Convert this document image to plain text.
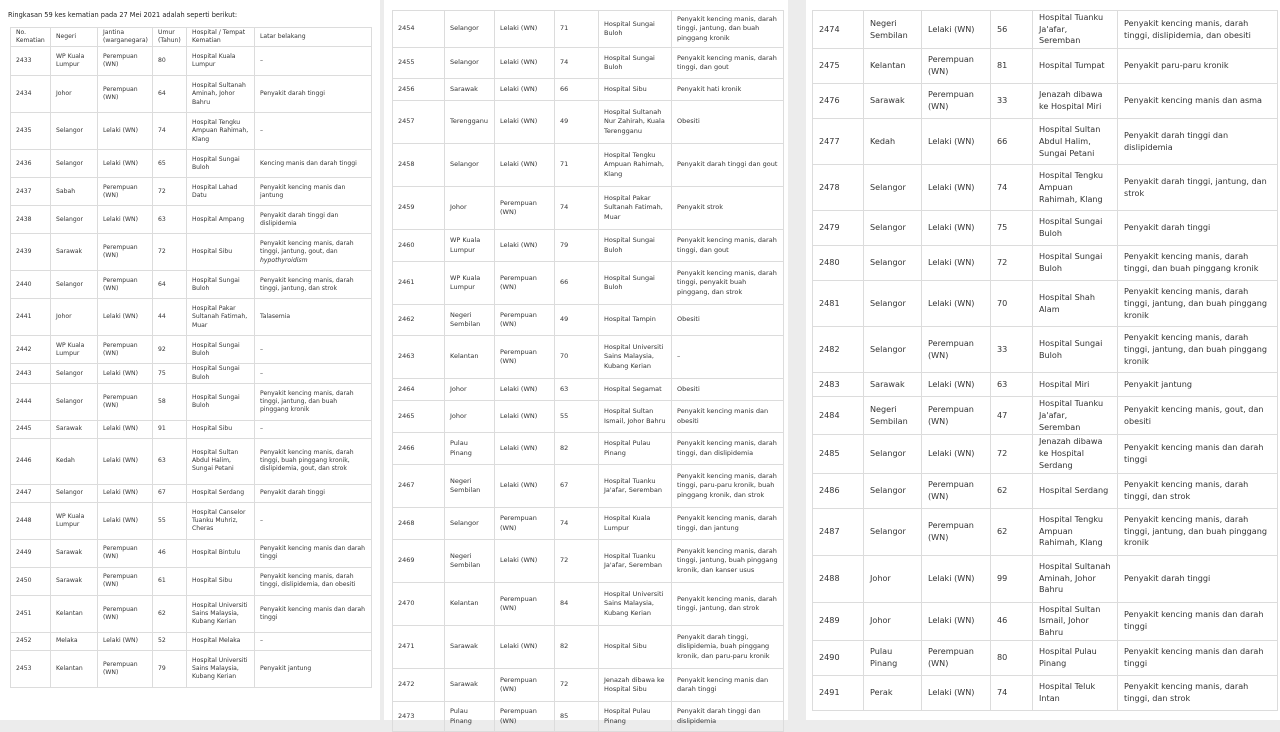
Ringkasan 59 kes kematian pada 27 Mei 2021 adalah seperti berikut:
No. Kematian	Negeri	Jantina (warganegara)	Umur (Tahun)	Hospital / Tempat Kematian	Latar belakang
2433	WP Kuala Lumpur	Perempuan (WN)	80	Hospital Kuala Lumpur	–
2434	Johor	Perempuan (WN)	64	Hospital Sultanah Aminah, Johor Bahru	Penyakit darah tinggi
2435	Selangor	Lelaki (WN)	74	Hospital Tengku Ampuan Rahimah, Klang	–
2436	Selangor	Lelaki (WN)	65	Hospital Sungai Buloh	Kencing manis dan darah tinggi
2437	Sabah	Perempuan (WN)	72	Hospital Lahad Datu	Penyakit kencing manis dan jantung
2438	Selangor	Lelaki (WN)	63	Hospital Ampang	Penyakit darah tinggi dan dislipidemia
2439	Sarawak	Perempuan (WN)	72	Hospital Sibu	Penyakit kencing manis, darah tinggi, jantung, gout, dan hypothyroidism
2440	Selangor	Perempuan (WN)	64	Hospital Sungai Buloh	Penyakit kencing manis, darah tinggi, jantung, dan strok
2441	Johor	Lelaki (WN)	44	Hospital Pakar Sultanah Fatimah, Muar	Talasemia
2442	WP Kuala Lumpur	Perempuan (WN)	92	Hospital Sungai Buloh	–
2443	Selangor	Lelaki (WN)	75	Hospital Sungai Buloh	–
2444	Selangor	Perempuan (WN)	58	Hospital Sungai Buloh	Penyakit kencing manis, darah tinggi, jantung, dan buah pinggang kronik
2445	Sarawak	Lelaki (WN)	91	Hospital Sibu	–
2446	Kedah	Lelaki (WN)	63	Hospital Sultan Abdul Halim, Sungai Petani	Penyakit kencing manis, darah tinggi, buah pinggang kronik, dislipidemia, gout, dan strok
2447	Selangor	Lelaki (WN)	67	Hospital Serdang	Penyakit darah tinggi
2448	WP Kuala Lumpur	Lelaki (WN)	55	Hospital Canselor Tuanku Muhriz, Cheras	–
2449	Sarawak	Perempuan (WN)	46	Hospital Bintulu	Penyakit kencing manis dan darah tinggi
2450	Sarawak	Perempuan (WN)	61	Hospital Sibu	Penyakit kencing manis, darah tinggi, dislipidemia, dan obesiti
2451	Kelantan	Perempuan (WN)	62	Hospital Universiti Sains Malaysia, Kubang Kerian	Penyakit kencing manis dan darah tinggi
2452	Melaka	Lelaki (WN)	52	Hospital Melaka	–
2453	Kelantan	Perempuan (WN)	79	Hospital Universiti Sains Malaysia, Kubang Kerian	Penyakit jantung
2454	Selangor	Lelaki (WN)	71	Hospital Sungai Buloh	Penyakit kencing manis, darah tinggi, jantung, dan buah pinggang kronik
2455	Selangor	Lelaki (WN)	74	Hospital Sungai Buloh	Penyakit kencing manis, darah tinggi, dan gout
2456	Sarawak	Lelaki (WN)	66	Hospital Sibu	Penyakit hati kronik
2457	Terengganu	Lelaki (WN)	49	Hospital Sultanah Nur Zahirah, Kuala Terengganu	Obesiti
2458	Selangor	Lelaki (WN)	71	Hospital Tengku Ampuan Rahimah, Klang	Penyakit darah tinggi dan gout
2459	Johor	Perempuan (WN)	74	Hospital Pakar Sultanah Fatimah, Muar	Penyakit strok
2460	WP Kuala Lumpur	Lelaki (WN)	79	Hospital Sungai Buloh	Penyakit kencing manis, darah tinggi, dan gout
2461	WP Kuala Lumpur	Perempuan (WN)	66	Hospital Sungai Buloh	Penyakit kencing manis, darah tinggi, penyakit buah pinggang, dan strok
2462	Negeri Sembilan	Perempuan (WN)	49	Hospital Tampin	Obesiti
2463	Kelantan	Perempuan (WN)	70	Hospital Universiti Sains Malaysia, Kubang Kerian	–
2464	Johor	Lelaki (WN)	63	Hospital Segamat	Obesiti
2465	Johor	Lelaki (WN)	55	Hospital Sultan Ismail, Johor Bahru	Penyakit kencing manis dan obesiti
2466	Pulau Pinang	Lelaki (WN)	82	Hospital Pulau Pinang	Penyakit kencing manis, darah tinggi, dan dislipidemia
2467	Negeri Sembilan	Lelaki (WN)	67	Hospital Tuanku Ja'afar, Seremban	Penyakit kencing manis, darah tinggi, paru-paru kronik, buah pinggang kronik, dan strok
2468	Selangor	Perempuan (WN)	74	Hospital Kuala Lumpur	Penyakit kencing manis, darah tinggi, dan jantung
2469	Negeri Sembilan	Lelaki (WN)	72	Hospital Tuanku Ja'afar, Seremban	Penyakit kencing manis, darah tinggi, jantung, buah pinggang kronik, dan kanser usus
2470	Kelantan	Perempuan (WN)	84	Hospital Universiti Sains Malaysia, Kubang Kerian	Penyakit kencing manis, darah tinggi, jantung, dan strok
2471	Sarawak	Lelaki (WN)	82	Hospital Sibu	Penyakit darah tinggi, dislipidemia, buah pinggang kronik, dan paru-paru kronik
2472	Sarawak	Perempuan (WN)	72	Jenazah dibawa ke Hospital Sibu	Penyakit kencing manis dan darah tinggi
2473	Pulau Pinang	Perempuan (WN)	85	Hospital Pulau Pinang	Penyakit darah tinggi dan dislipidemia
2474	Negeri Sembilan	Lelaki (WN)	56	Hospital Tuanku Ja'afar, Seremban	Penyakit kencing manis, darah tinggi, dislipidemia, dan obesiti
2475	Kelantan	Perempuan (WN)	81	Hospital Tumpat	Penyakit paru-paru kronik
2476	Sarawak	Perempuan (WN)	33	Jenazah dibawa ke Hospital Miri	Penyakit kencing manis dan asma
2477	Kedah	Lelaki (WN)	66	Hospital Sultan Abdul Halim, Sungai Petani	Penyakit darah tinggi dan dislipidemia
2478	Selangor	Lelaki (WN)	74	Hospital Tengku Ampuan Rahimah, Klang	Penyakit darah tinggi, jantung, dan strok
2479	Selangor	Lelaki (WN)	75	Hospital Sungai Buloh	Penyakit darah tinggi
2480	Selangor	Lelaki (WN)	72	Hospital Sungai Buloh	Penyakit kencing manis, darah tinggi, dan buah pinggang kronik
2481	Selangor	Lelaki (WN)	70	Hospital Shah Alam	Penyakit kencing manis, darah tinggi, jantung, dan buah pinggang kronik
2482	Selangor	Perempuan (WN)	33	Hospital Sungai Buloh	Penyakit kencing manis, darah tinggi, jantung, dan buah pinggang kronik
2483	Sarawak	Lelaki (WN)	63	Hospital Miri	Penyakit jantung
2484	Negeri Sembilan	Perempuan (WN)	47	Hospital Tuanku Ja'afar, Seremban	Penyakit kencing manis, gout, dan obesiti
2485	Selangor	Lelaki (WN)	72	Jenazah dibawa ke Hospital Serdang	Penyakit kencing manis dan darah tinggi
2486	Selangor	Perempuan (WN)	62	Hospital Serdang	Penyakit kencing manis, darah tinggi, dan strok
2487	Selangor	Perempuan (WN)	62	Hospital Tengku Ampuan Rahimah, Klang	Penyakit kencing manis, darah tinggi, jantung, dan buah pinggang kronik
2488	Johor	Lelaki (WN)	99	Hospital Sultanah Aminah, Johor Bahru	Penyakit darah tinggi
2489	Johor	Lelaki (WN)	46	Hospital Sultan Ismail, Johor Bahru	Penyakit kencing manis dan darah tinggi
2490	Pulau Pinang	Perempuan (WN)	80	Hospital Pulau Pinang	Penyakit kencing manis dan darah tinggi
2491	Perak	Lelaki (WN)	74	Hospital Teluk Intan	Penyakit kencing manis, darah tinggi, dan strok
